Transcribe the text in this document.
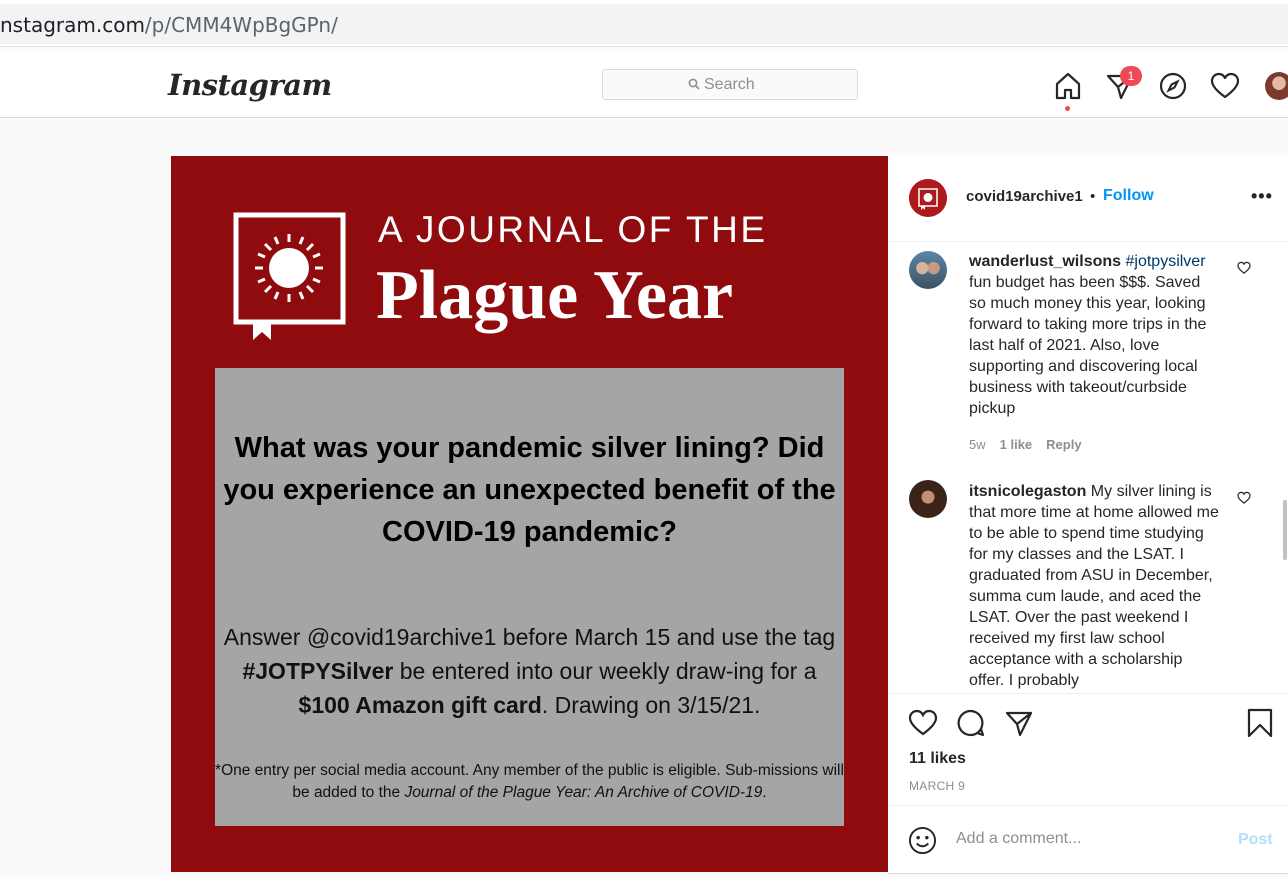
nstagram.com/p/CMM4WpBgGPn/
Instagram	Search	1
A JOURNAL OF THE
Plague Year
What was your pandemic silver lining? Did you experience an unexpected benefit of the COVID-19 pandemic?
Answer @covid19archive1 before March 15 and use the tag #JOTPYSilver be entered into our weekly draw-ing for a $100 Amazon gift card. Drawing on 3/15/21.
*One entry per social media account. Any member of the public is eligible. Sub-missions will be added to the Journal of the Plague Year: An Archive of COVID-19.
covid19archive1 • Follow	•••
wanderlust_wilsons #jotpysilver fun budget has been $$$. Saved so much money this year, looking forward to taking more trips in the last half of 2021. Also, love supporting and discovering local business with takeout/curbside pickup
5w 1 like Reply
itsnicolegaston My silver lining is that more time at home allowed me to be able to spend time studying for my classes and the LSAT. I graduated from ASU in December, summa cum laude, and aced the LSAT. Over the past weekend I received my first law school acceptance with a scholarship offer. I probably
11 likes
MARCH 9
Add a comment...	Post
